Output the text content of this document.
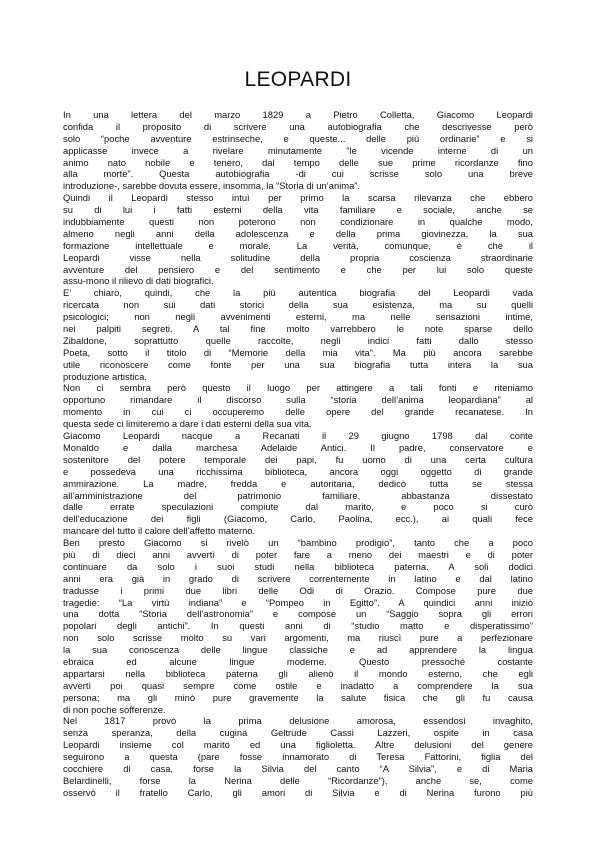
LEOPARDI
In una lettera del marzo 1829 a Pietro Colletta, Giacomo Leopardi
confida il proposito di scrivere una autobiografia che descrivesse però
solo “poche avventure estrinseche, e queste... delle più ordinarie” e si
applicasse invece a rivelare minutamente “le vicende interne di un
animo nato nobile e tenero, dal tempo delle sue prime ricordanze fino
alla morte”. Questa autobiografia -di cui scrisse solo una breve
introduzione-, sarebbe dovuta essere, insomma, la “Storia di un’anima”.
Quindi il Leopardi stesso intuì per primo la scarsa rilevanza che ebbero
su di lui i fatti esterni della vita familiare e sociale, anche se
indubbiamente questi non poterono non condizionare in qualche modo,
almeno negli anni della adolescenza e della prima giovinezza, la sua
formazione intellettuale e morale. La verità, comunque, è che il
Leopardi visse nella solitudine della propria coscienza straordinarie
avventure del pensiero e del sentimento e che per lui solo queste
assu-mono il rilievo di dati biografici.
E’ chiaro, quindi, che la più autentica biografia del Leopardi vada
ricercata non sui dati storici della sua esistenza, ma su quelli
psicologici; non negli avvenimenti esterni, ma nelle sensazioni intime,
nei palpiti segreti. A tal fine molto varrebbero le note sparse dello
Zibaldone, soprattutto quelle raccolte, negli indici fatti dallo stesso
Poeta, sotto il titolo di “Memorie della mia vita”. Ma più ancora sarebbe
utile riconoscere come fonte per una sua biografia tutta intera la sua
produzione artistica.
Non ci sembra però questo il luogo per attingere a tali fonti e riteniamo
opportuno rimandare il discorso sulla “storia dell’anima leopardiana” al
momento in cui ci occuperemo delle opere del grande recanatese. In
questa sede ci limiteremo a dare i dati esterni della sua vita.
Giacomo Leopardi nacque a Recanati il 29 giugno 1798 dal conte
Monaldo e dalla marchesa Adelaide Antici. Il padre, conservatore e
sostenitore del potere temporale dei papi, fu uomo di una certa cultura
e possedeva una ricchissima biblioteca, ancora oggi oggetto di grande
ammirazione. La madre, fredda e autoritaria, dedicò tutta se stessa
all’amministrazione del patrimonio familiare, abbastanza dissestato
dalle errate speculazioni compiute dal marito, e poco si curò
dell’educazione dei figli (Giacomo, Carlo, Paolina, ecc.), ai quali fece
mancare del tutto il calore dell’affetto materno.
Ben presto Giacomo si rivelò un “bambino prodigio”, tanto che a poco
più di dieci anni avvertì di poter fare a meno dei maestri e di poter
continuare da solo i suoi studi nella biblioteca paterna. A soli dodici
anni era già in grado di scrivere correntemente in latino e dal latino
tradusse i primi due libri delle Odi di Orazio. Compose pure due
tragedie: “La virtù indiana” e “Pompeo in Egitto”. A quindici anni iniziò
una dotta “Storia dell’astronomia” e compose un “Saggio sopra gli errori
popolari degli antichi”. In questi anni di “studio matto e disperatissimo”
non solo scrisse molto su vari argomenti, ma riuscì pure a perfezionare
la sua conoscenza delle lingue classiche e ad apprendere la lingua
ebraica ed alcune lingue moderne. Questo pressoché costante
appartarsi nella biblioteca paterna gli alienò il mondo esterno, che egli
avvertì poi quasi sempre come ostile e inadatto a comprendere la sua
persona; ma gli minò pure gravemente la salute fisica che gli fu causa
di non poche sofferenze.
Nel 1817 provò la prima delusione amorosa, essendosi invaghito,
senza speranza, della cugina Geltrude Cassi Lazzeri, ospite in casa
Leopardi insieme col marito ed una figlioletta. Altre delusioni del genere
seguirono a questa (pare fosse innamorato di Teresa Fattorini, figlia del
cocchiere di casa, forse la Silvia del canto “A Silvia”, e di Maria
Belardinelli, forse la Nerina delle “Ricordanze”), anche se, come
osservò il fratello Carlo, gli amori di Silvia e di Nerina furono più
